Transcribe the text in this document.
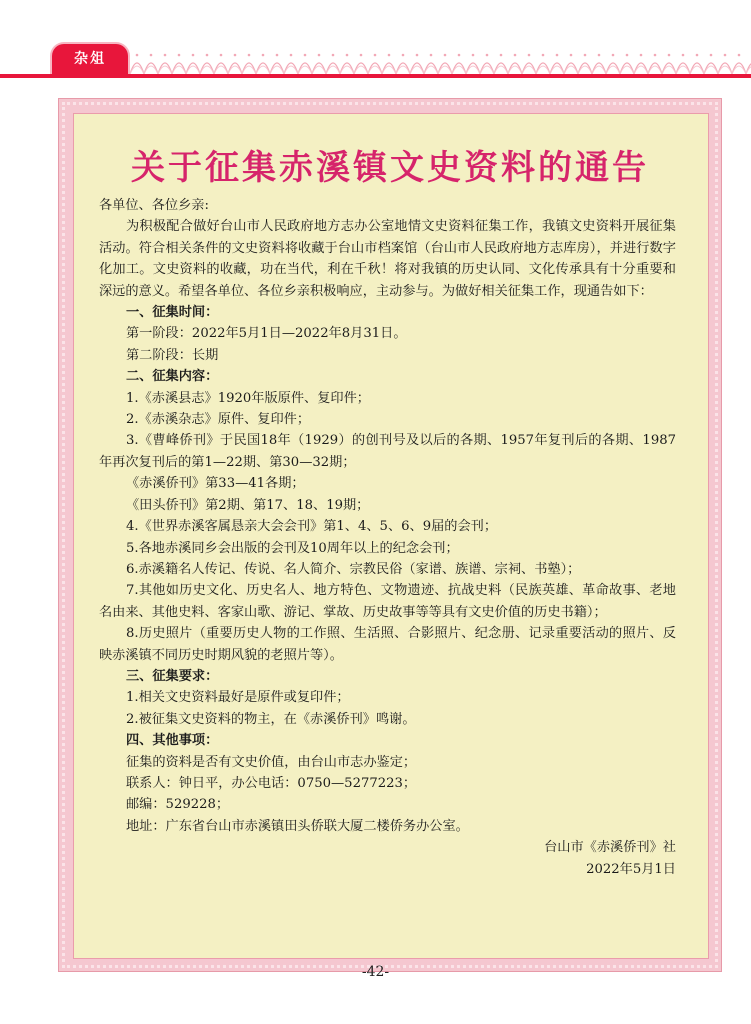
杂俎
关于征集赤溪镇文史资料的通告

各单位、各位乡亲:

为积极配合做好台山市人民政府地方志办公室地情文史资料征集工作，我镇文史资料开展征集活动。符合相关条件的文史资料将收藏于台山市档案馆（台山市人民政府地方志库房），并进行数字化加工。文史资料的收藏，功在当代，利在千秋！将对我镇的历史认同、文化传承具有十分重要和深远的意义。希望各单位、各位乡亲积极响应，主动参与。为做好相关征集工作，现通告如下：

一、征集时间：

第一阶段：2022年5月1日—2022年8月31日。

第二阶段：长期

二、征集内容：

1.《赤溪县志》1920年版原件、复印件；

2.《赤溪杂志》原件、复印件；

3.《曹峰侨刊》于民国18年（1929）的创刊号及以后的各期、1957年复刊后的各期、1987年再次复刊后的第1—22期、第30—32期；

《赤溪侨刊》第33—41各期；

《田头侨刊》第2期、第17、18、19期；

4.《世界赤溪客属恳亲大会会刊》第1、4、5、6、9届的会刊；

5.各地赤溪同乡会出版的会刊及10周年以上的纪念会刊；

6.赤溪籍名人传记、传说、名人简介、宗教民俗（家谱、族谱、宗祠、书塾）；

7.其他如历史文化、历史名人、地方特色、文物遗迹、抗战史料（民族英雄、革命故事、老地名由来、其他史料、客家山歌、游记、掌故、历史故事等等具有文史价值的历史书籍）；

8.历史照片（重要历史人物的工作照、生活照、合影照片、纪念册、记录重要活动的照片、反映赤溪镇不同历史时期风貌的老照片等）。

三、征集要求：

1.相关文史资料最好是原件或复印件；

2.被征集文史资料的物主，在《赤溪侨刊》鸣谢。

四、其他事项：

征集的资料是否有文史价值，由台山市志办鉴定；

联系人：钟日平，办公电话：0750—5277223；

邮编：529228；

地址：广东省台山市赤溪镇田头侨联大厦二楼侨务办公室。

台山市《赤溪侨刊》社

2022年5月1日

-42-
